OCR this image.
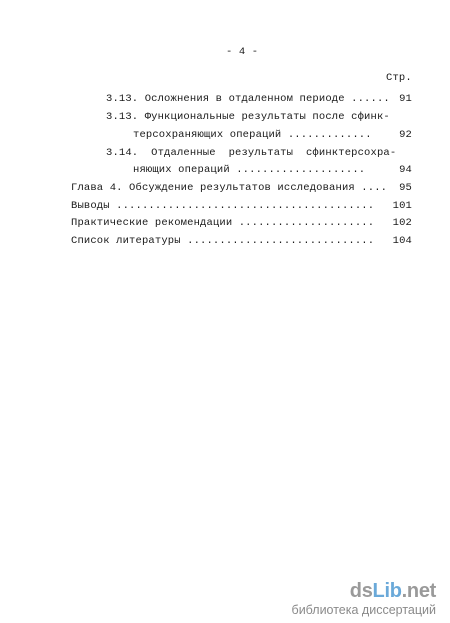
- 4 -
Стр.
3.13. Осложнения в отдаленном периоде ...... 91
3.13. Функциональные результаты после сфинк-
терсохраняющих операций .............	92
3.14.  Отдаленные  результаты  сфинктерсохра-
няющих операций ....................	94
Глава 4. Обсуждение результатов исследования ....	95
Выводы ........................................	101
Практические рекомендации .....................	102
Список литературы .............................	104
dsLib.net
библиотека диссертаций
